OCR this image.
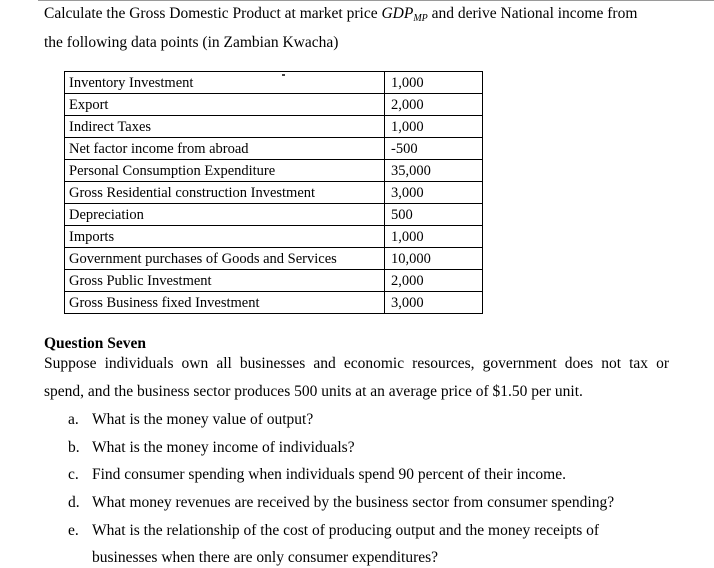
Calculate the Gross Domestic Product at market price $GDP_{MP}$ and derive National income from
the following data points (in Zambian Kwacha)
Inventory Investment	1,000
Export	2,000
Indirect Taxes	1,000
Net factor income from abroad	-500
Personal Consumption Expenditure	35,000
Gross Residential construction Investment	3,000
Depreciation	500
Imports	1,000
Government purchases of Goods and Services	10,000
Gross Public Investment	2,000
Gross Business fixed Investment	3,000
Question Seven
Suppose individuals own all businesses and economic resources, government does not tax or
spend, and the business sector produces 500 units at an average price of $1.50 per unit.
a. What is the money value of output?
b. What is the money income of individuals?
c. Find consumer spending when individuals spend 90 percent of their income.
d. What money revenues are received by the business sector from consumer spending?
e. What is the relationship of the cost of producing output and the money receipts of
businesses when there are only consumer expenditures?
